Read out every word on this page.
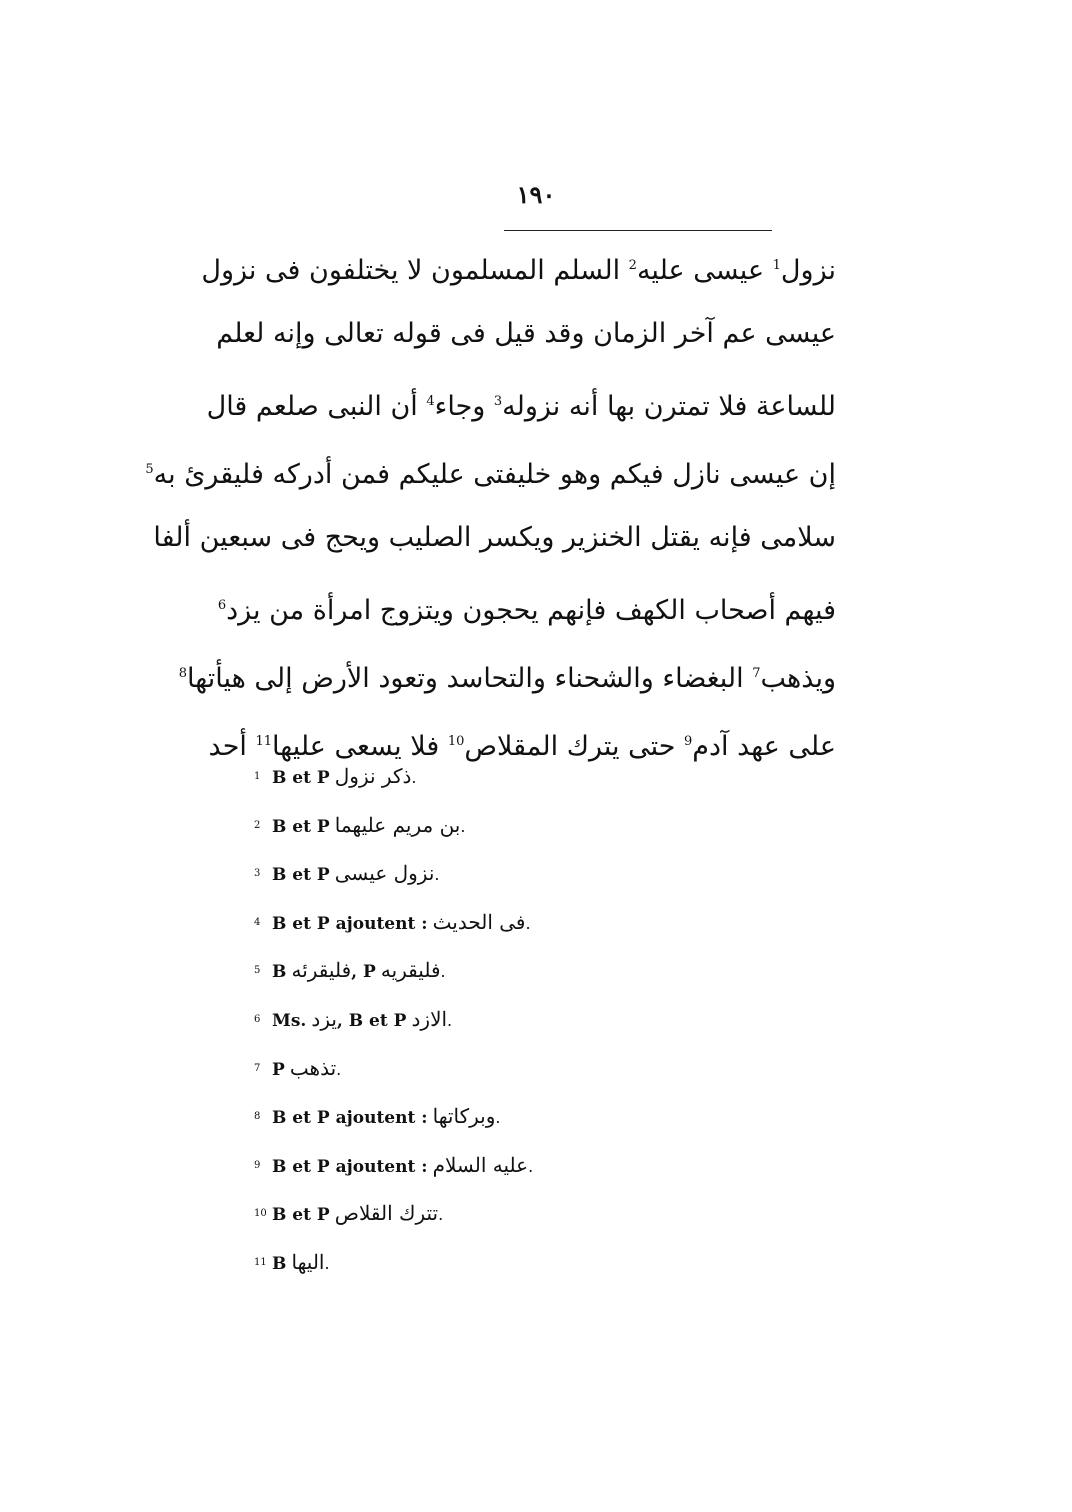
١٩٠
نزول$^1$ عيسى عليه$^2$ السلم المسلمون لا يختلفون فى نزول
عيسى عم آخر الزمان وقد قيل فى قوله تعالى وإنه لعلم
للساعة فلا تمترن بها أنه نزوله$^3$ وجاء$^4$ أن النبى صلعم قال
إن عيسى نازل فيكم وهو خليفتى عليكم فمن أدركه فليقرئ به$^5$
سلامى فإنه يقتل الخنزير ويكسر الصليب ويحج فى سبعين ألفا
فيهم أصحاب الكهف فإنهم يحجون ويتزوج امرأة من يزد$^6$
ويذهب$^7$ البغضاء والشحناء والتحاسد وتعود الأرض إلى هيأتها$^8$
على عهد آدم$^9$ حتى يترك المقلاص$^{10}$ فلا يسعى عليها$^{11}$ أحد
1 B et P ذكر نزول.
2 B et P بن مريم عليهما.
3 B et P نزول عيسى.
4 B et P ajoutent : فى الحديث.
5 B فليقرئه, P فليقريه.
6 Ms. يزد, B et P الازد.
7 P تذهب.
8 B et P ajoutent : وبركاتها.
9 B et P ajoutent : عليه السلام.
10 B et P تترك القلاص.
11 B اليها.
